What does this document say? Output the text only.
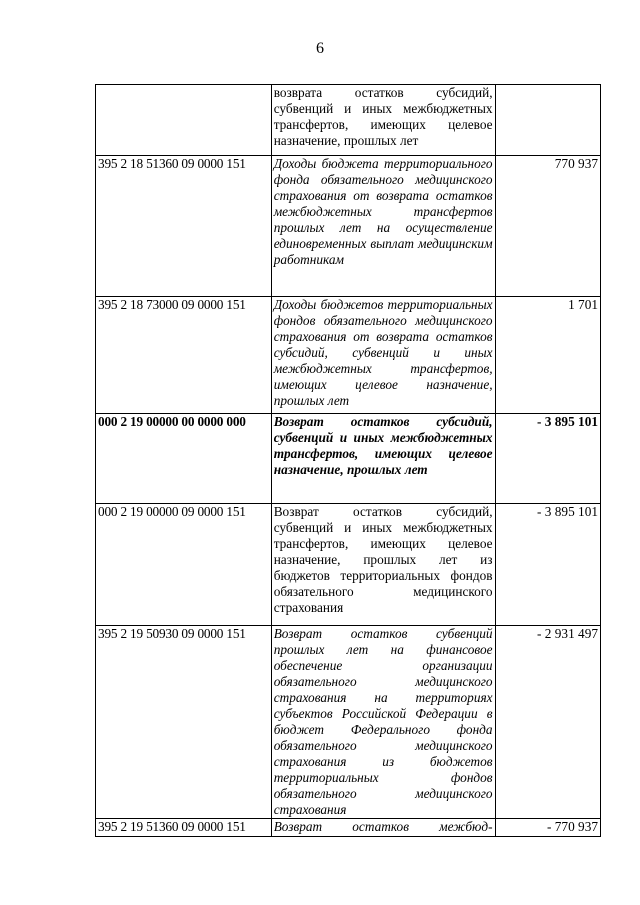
6
	возврата остатков субсидий, субвенций и иных межбюджетных трансфертов, имеющих целевое назначение, прошлых лет	
395 2 18 51360 09 0000 151	Доходы бюджета территориального фонда обязательного медицинского страхования от возврата остатков межбюджетных трансфертов прошлых лет на осуществление единовременных выплат медицинским работникам	770 937
395 2 18 73000 09 0000 151	Доходы бюджетов территориальных фондов обязательного медицинского страхования от возврата остатков субсидий, субвенций и иных межбюджетных трансфертов, имеющих целевое назначение, прошлых лет	1 701
000 2 19 00000 00 0000 000	Возврат остатков субсидий, субвенций и иных межбюджетных трансфертов, имеющих целевое назначение, прошлых лет	- 3 895 101
000 2 19 00000 09 0000 151	Возврат остатков субсидий, субвенций и иных межбюджетных трансфертов, имеющих целевое назначение, прошлых лет из бюджетов территориальных фондов обязательного медицинского страхования	- 3 895 101
395 2 19 50930 09 0000 151	Возврат остатков субвенций прошлых лет на финансовое обеспечение организации обязательного медицинского страхования на территориях субъектов Российской Федерации в бюджет Федерального фонда обязательного медицинского страхования из бюджетов территориальных фондов обязательного медицинского страхования	- 2 931 497
395 2 19 51360 09 0000 151	Возврат остатков межбюд-	- 770 937
